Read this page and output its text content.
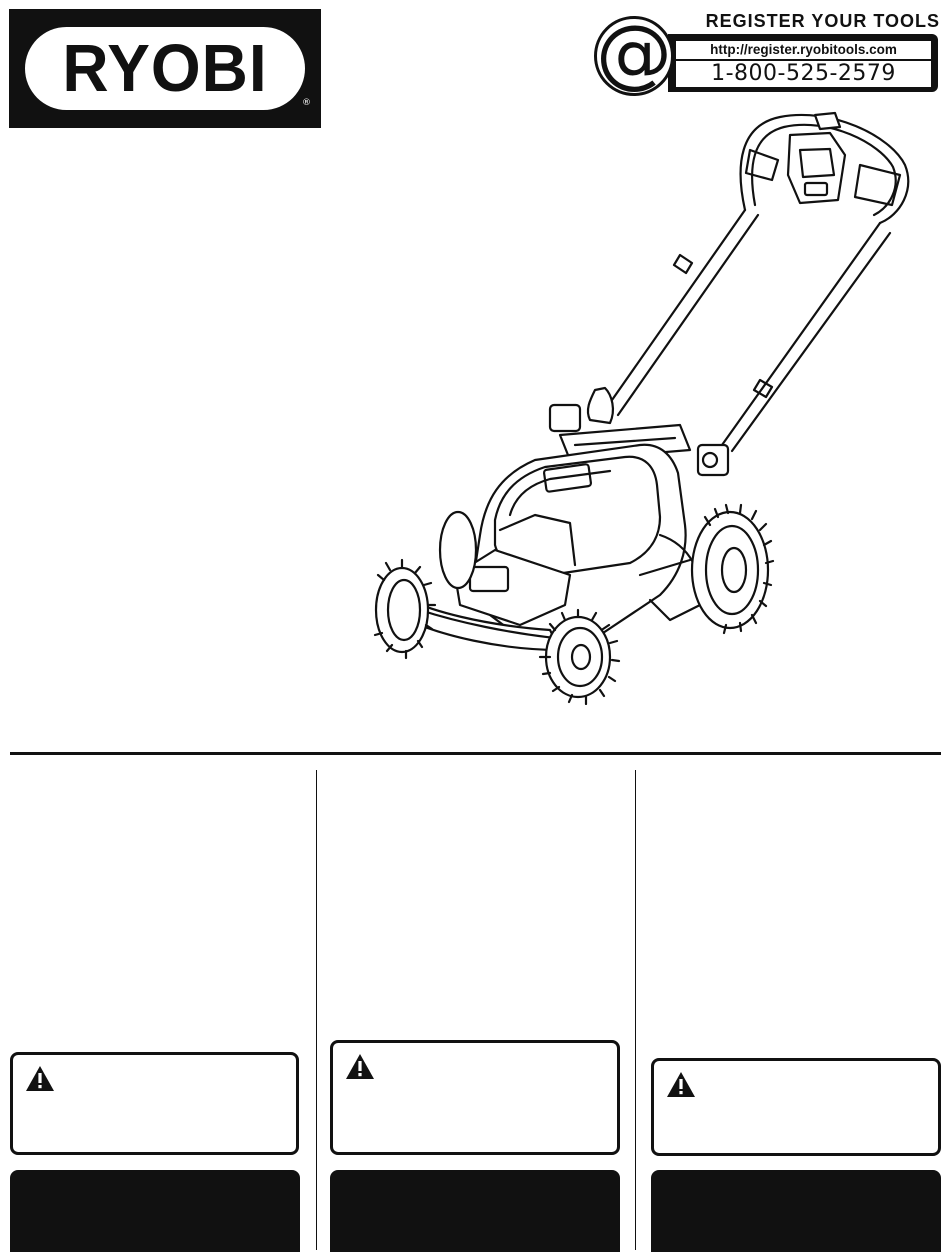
RYOBI	®
REGISTER YOUR TOOLS
http://register.ryobitools.com
1-800-525-2579
@
